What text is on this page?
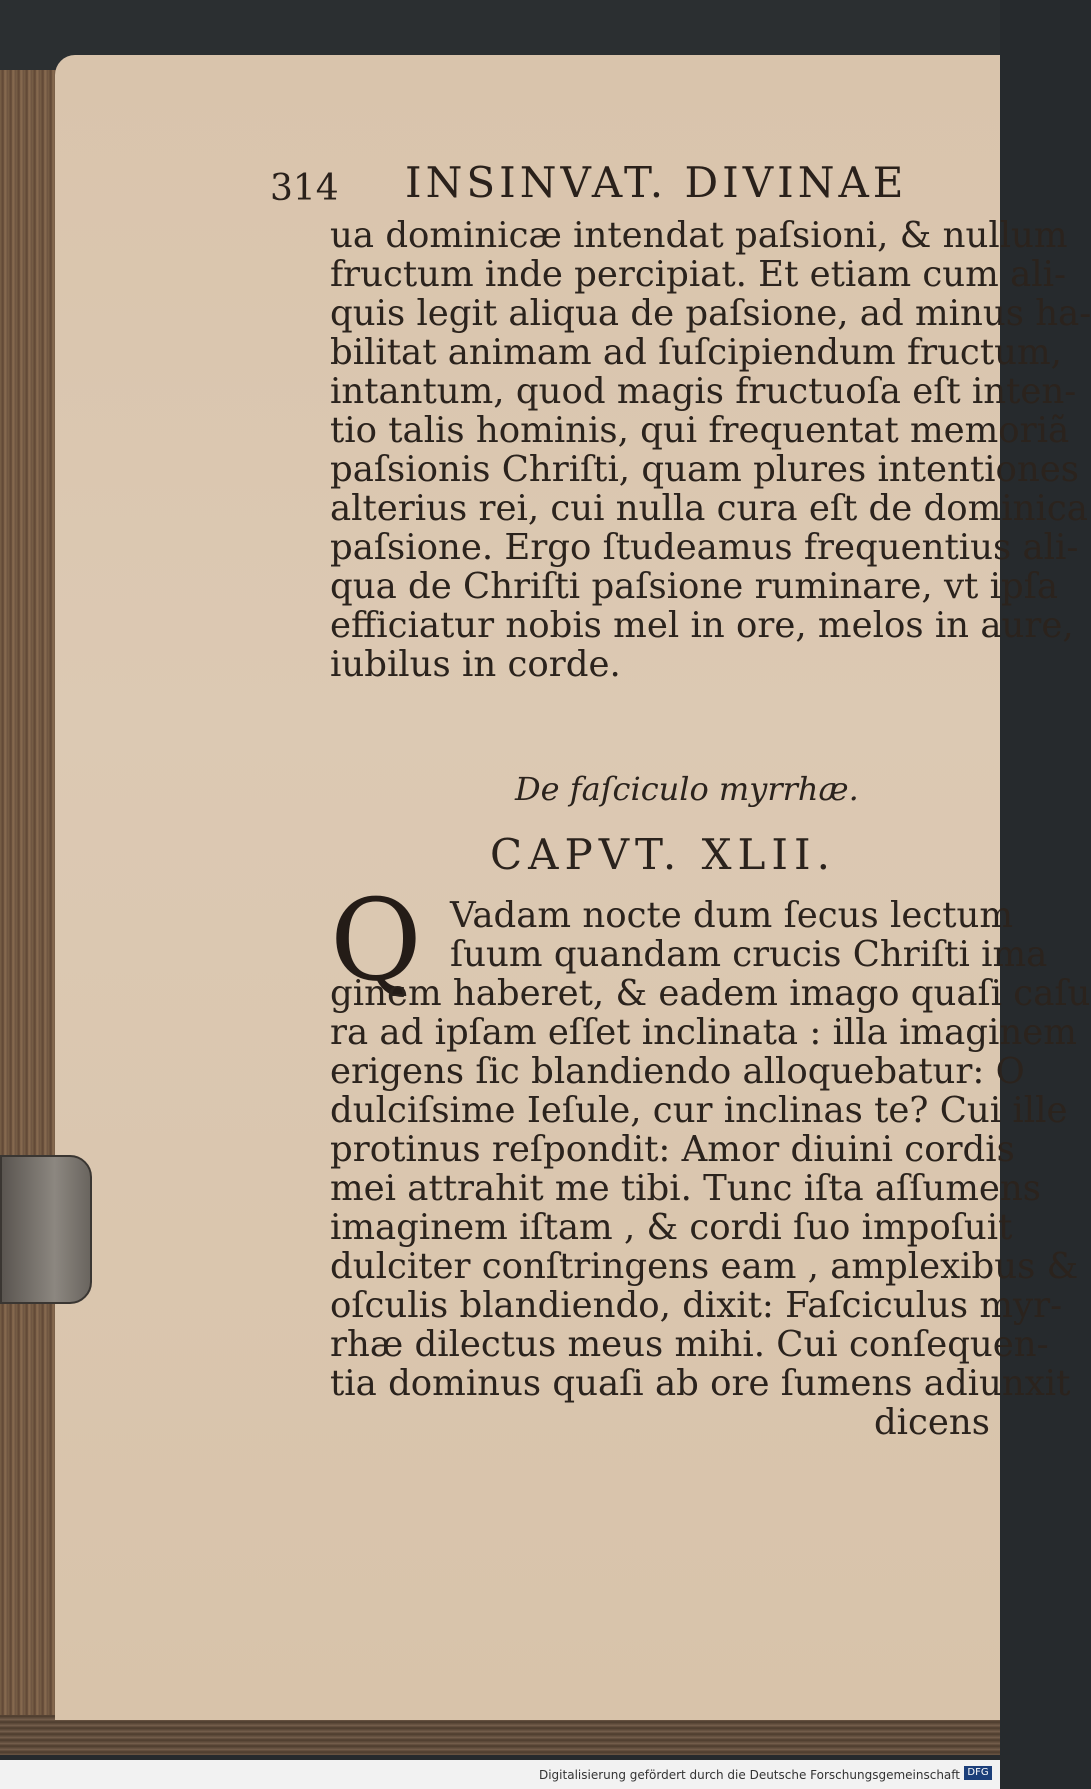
314 INSINVAT. DIVINAE
ua dominicæ intendat paſsioni, & nullum
fructum inde percipiat. Et etiam cum ali-
quis legit aliqua de paſsione, ad minus ha-
bilitat animam ad ſuſcipiendum fructum,
intantum, quod magis fructuoſa eſt inten-
tio talis hominis, qui frequentat memoriã
paſsionis Chriſti, quam plures intentiones
alterius rei, cui nulla cura eſt de dominica
paſsione. Ergo ſtudeamus frequentius ali-
qua de Chriſti paſsione ruminare, vt ipſa
efficiatur nobis mel in ore, melos in aure,
iubilus in corde.
De faſciculo myrrhæ.
CAPVT. XLII.
Q Vadam nocte dum ſecus lectum
ſuum quandam crucis Chriſti ima
ginem haberet, & eadem imago quaſi caſu
ra ad ipſam eſſet inclinata : illa imaginem
erigens ſic blandiendo alloquebatur: O
dulciſsime Ieſule, cur inclinas te? Cui ille
protinus reſpondit: Amor diuini cordis
mei attrahit me tibi. Tunc iſta aſſumens
imaginem iſtam , & cordi ſuo impoſuit
dulciter conſtringens eam , amplexibus &
oſculis blandiendo, dixit: Faſciculus myr-
rhæ dilectus meus mihi. Cui conſequen-
tia dominus quaſi ab ore ſumens adiunxit
dicens
Digitalisierung gefördert durch die Deutsche Forschungsgemeinschaft DFG
